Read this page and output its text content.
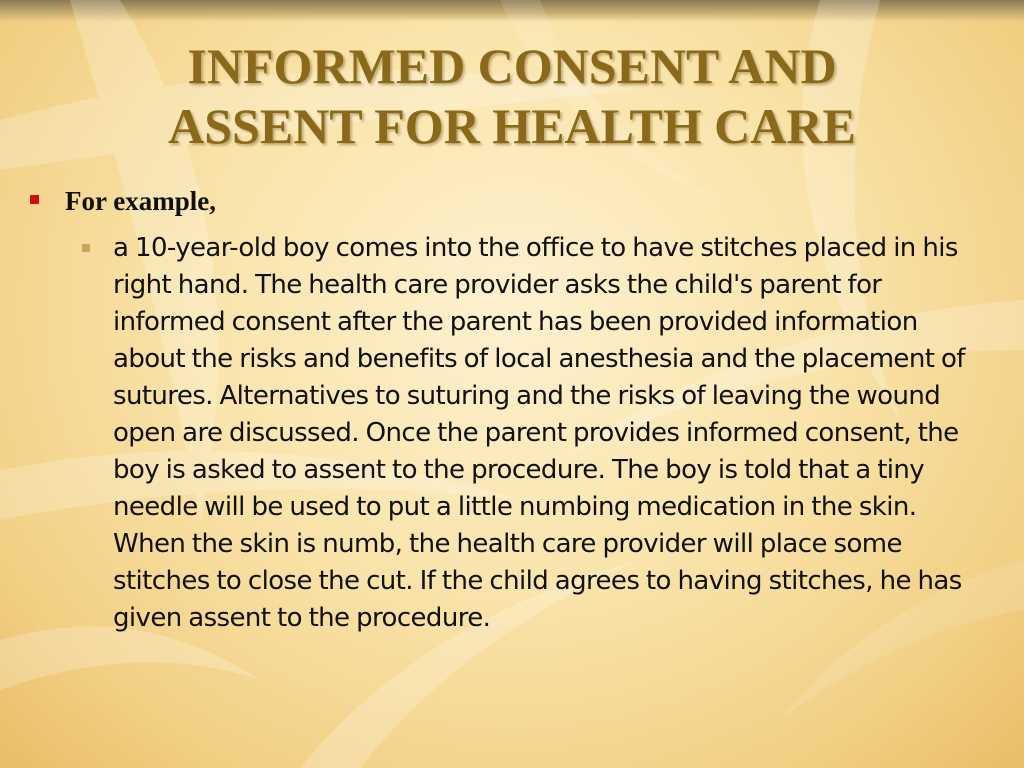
INFORMED CONSENT AND
ASSENT FOR HEALTH CARE
For example,
a 10-year-old boy comes into the office to have stitches placed in his right hand. The health care provider asks the child's parent for informed consent after the parent has been provided information about the risks and benefits of local anesthesia and the placement of sutures. Alternatives to suturing and the risks of leaving the wound open are discussed. Once the parent provides informed consent, the boy is asked to assent to the procedure. The boy is told that a tiny needle will be used to put a little numbing medication in the skin. When the skin is numb, the health care provider will place some stitches to close the cut. If the child agrees to having stitches, he has given assent to the procedure.
